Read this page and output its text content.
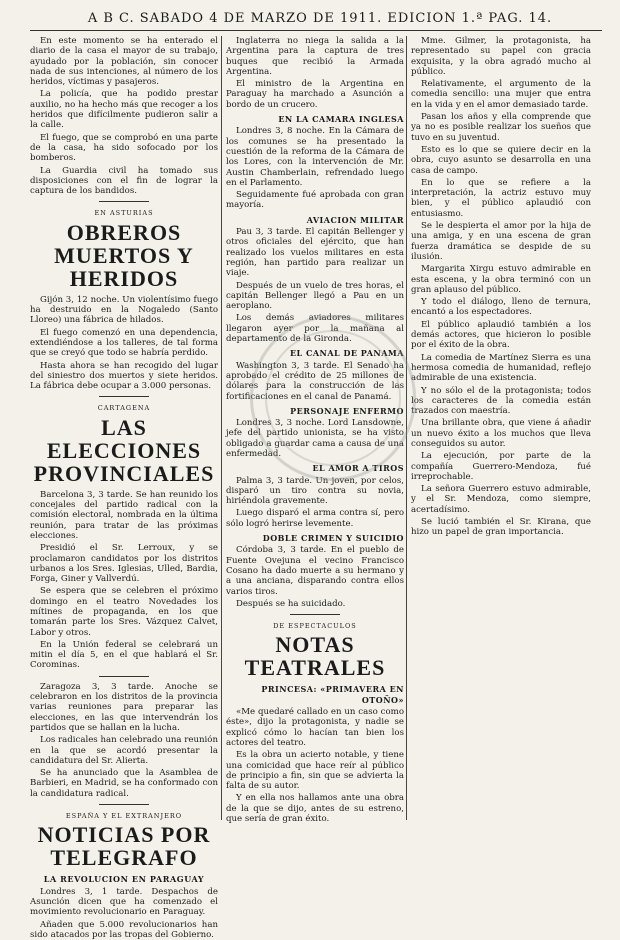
A B C. SABADO 4 DE MARZO DE 1911. EDICION 1.ª PAG. 14.

En este momento se ha enterado el diario de la casa el mayor de su trabajo, ayudado por la población, sin conocer nada de sus intenciones, al número de los heridos, víctimas y pasajeros.

La policía, que ha podido prestar auxilio, no ha hecho más que recoger a los heridos que difícilmente pudieron salir a la calle.

El fuego, que se comprobó en una parte de la casa, ha sido sofocado por los bomberos.

La Guardia civil ha tomado sus disposiciones con el fin de lograr la captura de los bandidos.

EN ASTURIAS
OBREROS MUERTOS Y HERIDOS

Gijón 3, 12 noche. Un violentísimo fuego ha destruido en la Nogaledo (Santo Lloreo) una fábrica de hilados.

El fuego comenzó en una dependencia, extendiéndose a los talleres, de tal forma que se creyó que todo se habría perdido.

Hasta ahora se han recogido del lugar del siniestro dos muertos y siete heridos. La fábrica debe ocupar a 3.000 personas.

CARTAGENA
LAS ELECCIONES PROVINCIALES

Barcelona 3, 3 tarde. Se han reunido los concejales del partido radical con la comisión electoral, nombrada en la última reunión, para tratar de las próximas elecciones.

Presidió el Sr. Lerroux, y se proclamaron candidatos por los distritos urbanos a los Sres. Iglesias, Ulled, Bardia, Forga, Giner y Vallverdú.

Se espera que se celebren el próximo domingo en el teatro Novedades los mítines de propaganda, en los que tomarán parte los Sres. Vázquez Calvet, Labor y otros.

En la Unión federal se celebrará un mitin el día 5, en el que hablará el Sr. Corominas.

Zaragoza 3, 3 tarde. Anoche se celebraron en los distritos de la provincia varias reuniones para preparar las elecciones, en las que intervendrán los partidos que se hallan en la lucha.

Los radicales han celebrado una reunión en la que se acordó presentar la candidatura del Sr. Alierta.

Se ha anunciado que la Asamblea de Barbieri, en Madrid, se ha conformado con la candidatura radical.

ESPAÑA Y EL EXTRANJERO
NOTICIAS POR TELEGRAFO
LA REVOLUCION EN PARAGUAY

Londres 3, 1 tarde. Despachos de Asunción dicen que ha comenzado el movimiento revolucionario en Paraguay.

Añaden que 5.000 revolucionarios han sido atacados por las tropas del Gobierno.

Inglaterra no niega la salida a la Argentina para la captura de tres buques que recibió la Armada Argentina.

El ministro de la Argentina en Paraguay ha marchado a Asunción a bordo de un crucero.

EN LA CAMARA INGLESA

Londres 3, 8 noche. En la Cámara de los comunes se ha presentado la cuestión de la reforma de la Cámara de los Lores, con la intervención de Mr. Austin Chamberlain, refrendado luego en el Parlamento.

Seguidamente fué aprobada con gran mayoría.

AVIACION MILITAR

Pau 3, 3 tarde. El capitán Bellenger y otros oficiales del ejército, que han realizado los vuelos militares en esta región, han partido para realizar un viaje.

Después de un vuelo de tres horas, el capitán Bellenger llegó a Pau en un aeroplano.

Los demás aviadores militares llegaron ayer por la mañana al departamento de la Gironda.

EL CANAL DE PANAMA

Washington 3, 3 tarde. El Senado ha aprobado el crédito de 25 millones de dólares para la construcción de las fortificaciones en el canal de Panamá.

PERSONAJE ENFERMO

Londres 3, 3 noche. Lord Lansdowne, jefe del partido unionista, se ha visto obligado a guardar cama a causa de una enfermedad.

EL AMOR A TIROS

Palma 3, 3 tarde. Un joven, por celos, disparó un tiro contra su novia, hiriéndola gravemente.

Luego disparó el arma contra sí, pero sólo logró herirse levemente.

DOBLE CRIMEN Y SUICIDIO

Córdoba 3, 3 tarde. En el pueblo de Fuente Ovejuna el vecino Francisco Cosano ha dado muerte a su hermano y a una anciana, disparando contra ellos varios tiros.

Después se ha suicidado.

DE ESPECTACULOS
NOTAS TEATRALES
PRINCESA: «PRIMAVERA EN OTOÑO»

«Me quedaré callado en un caso como éste», dijo la protagonista, y nadie se explicó cómo lo hacían tan bien los actores del teatro.

Es la obra un acierto notable, y tiene una comicidad que hace reír al público de principio a fin, sin que se advierta la falta de su autor.

Y en ella nos hallamos ante una obra de la que se dijo, antes de su estreno, que sería de gran éxito.

Mme. Gilmer, la protagonista, ha representado su papel con gracia exquisita, y la obra agradó mucho al público.

Relativamente, el argumento de la comedia sencillo: una mujer que entra en la vida y en el amor demasiado tarde.

Pasan los años y ella comprende que ya no es posible realizar los sueños que tuvo en su juventud.

Esto es lo que se quiere decir en la obra, cuyo asunto se desarrolla en una casa de campo.

En lo que se refiere a la interpretación, la actriz estuvo muy bien, y el público aplaudió con entusiasmo.

Se le despierta el amor por la hija de una amiga, y en una escena de gran fuerza dramática se despide de su ilusión.

Margarita Xirgu estuvo admirable en esta escena, y la obra terminó con un gran aplauso del público.

Y todo el diálogo, lleno de ternura, encantó a los espectadores.

El público aplaudió también a los demás actores, que hicieron lo posible por el éxito de la obra.

La comedia de Martínez Sierra es una hermosa comedia de humanidad, reflejo admirable de una existencia.

Y no sólo el de la protagonista; todos los caracteres de la comedia están trazados con maestría.

Una brillante obra, que viene á añadir un nuevo éxito a los muchos que lleva conseguidos su autor.

La ejecución, por parte de la compañía Guerrero-Mendoza, fué irreprochable.

La señora Guerrero estuvo admirable, y el Sr. Mendoza, como siempre, acertadísimo.

Se lució también el Sr. Kirana, que hizo un papel de gran importancia.
